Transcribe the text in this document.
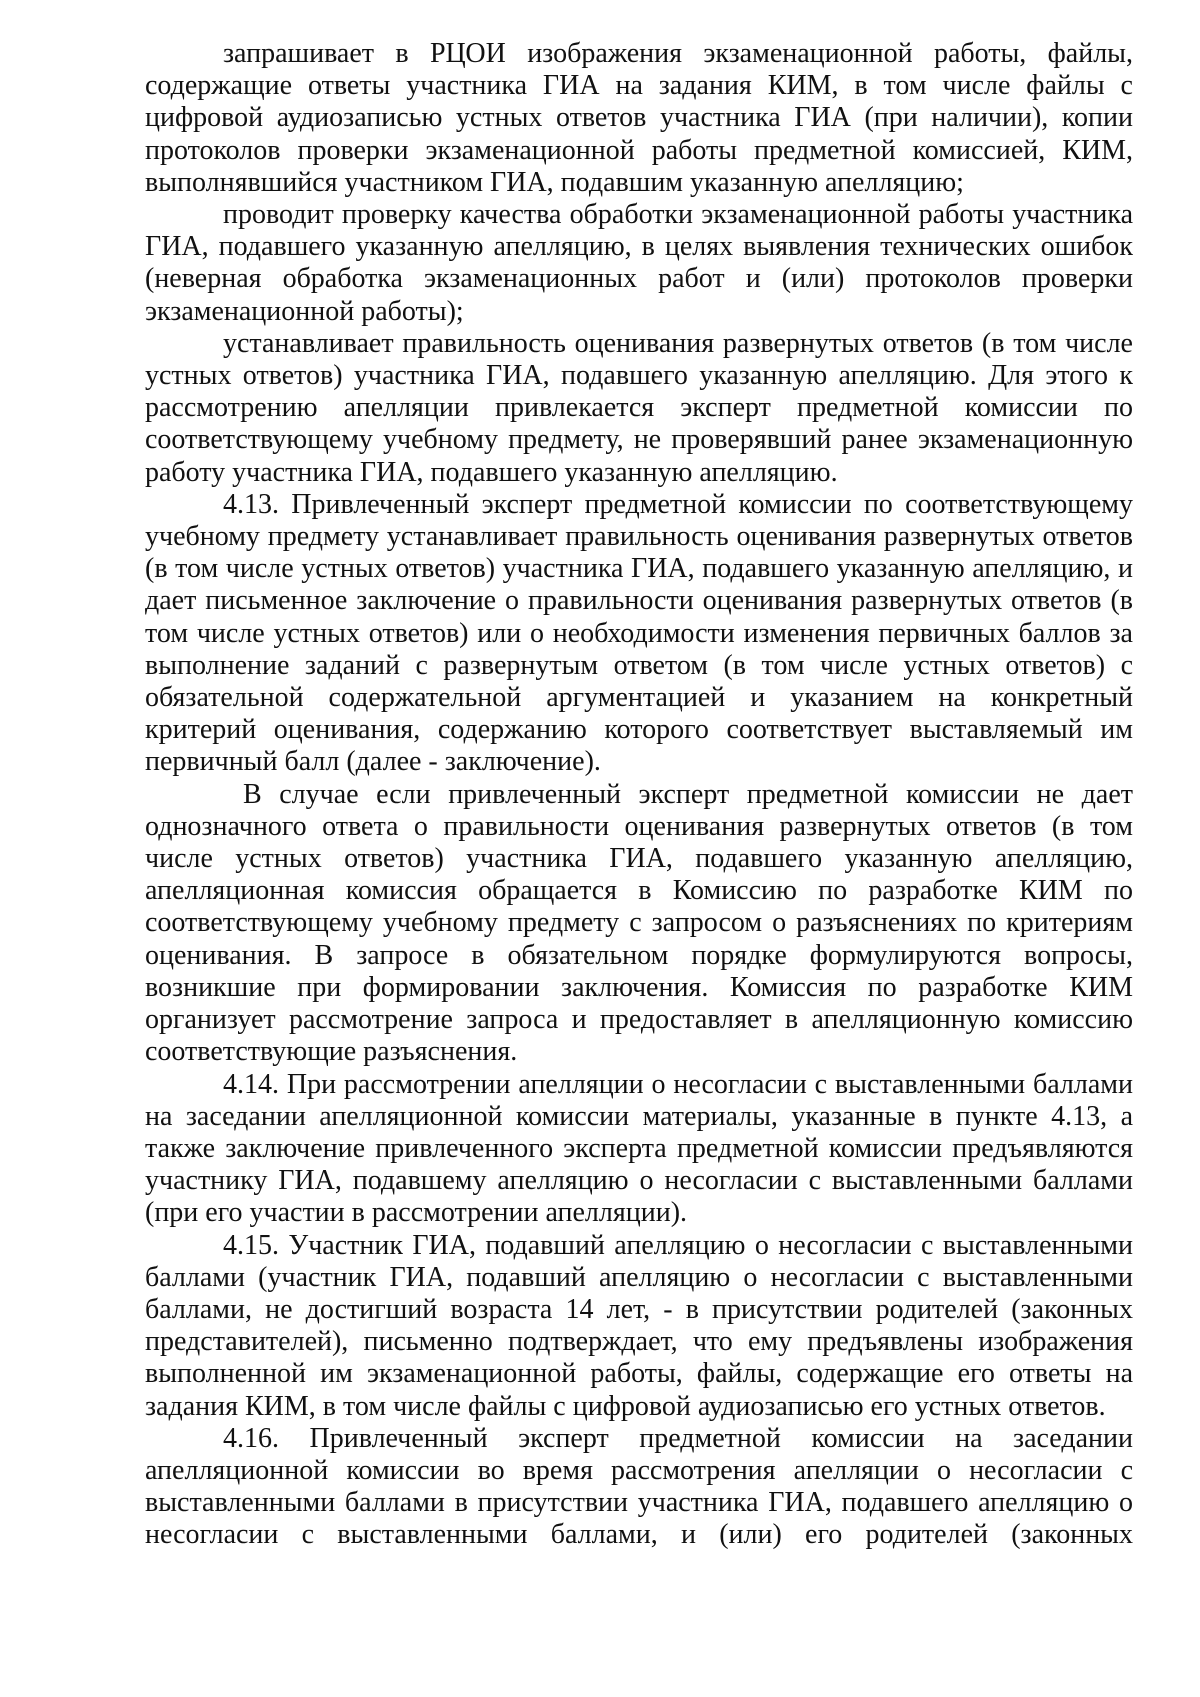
запрашивает в РЦОИ изображения экзаменационной работы, файлы, содержащие ответы участника ГИА на задания КИМ, в том числе файлы с цифровой аудиозаписью устных ответов участника ГИА (при наличии), копии протоколов проверки экзаменационной работы предметной комиссией, КИМ, выполнявшийся участником ГИА, подавшим указанную апелляцию;

проводит проверку качества обработки экзаменационной работы участника ГИА, подавшего указанную апелляцию, в целях выявления технических ошибок (неверная обработка экзаменационных работ и (или) протоколов проверки экзаменационной работы);

устанавливает правильность оценивания развернутых ответов (в том числе устных ответов) участника ГИА, подавшего указанную апелляцию. Для этого к рассмотрению апелляции привлекается эксперт предметной комиссии по соответствующему учебному предмету, не проверявший ранее экзаменационную работу участника ГИА, подавшего указанную апелляцию.

4.13. Привлеченный эксперт предметной комиссии по соответствующему учебному предмету устанавливает правильность оценивания развернутых ответов (в том числе устных ответов) участника ГИА, подавшего указанную апелляцию, и дает письменное заключение о правильности оценивания развернутых ответов (в том числе устных ответов) или о необходимости изменения первичных баллов за выполнение заданий с развернутым ответом (в том числе устных ответов) с обязательной содержательной аргументацией и указанием на конкретный критерий оценивания, содержанию которого соответствует выставляемый им первичный балл (далее - заключение).

В случае если привлеченный эксперт предметной комиссии не дает однозначного ответа о правильности оценивания развернутых ответов (в том числе устных ответов) участника ГИА, подавшего указанную апелляцию, апелляционная комиссия обращается в Комиссию по разработке КИМ по соответствующему учебному предмету с запросом о разъяснениях по критериям оценивания. В запросе в обязательном порядке формулируются вопросы, возникшие при формировании заключения. Комиссия по разработке КИМ организует рассмотрение запроса и предоставляет в апелляционную комиссию соответствующие разъяснения.

4.14. При рассмотрении апелляции о несогласии с выставленными баллами на заседании апелляционной комиссии материалы, указанные в пункте 4.13, а также заключение привлеченного эксперта предметной комиссии предъявляются участнику ГИА, подавшему апелляцию о несогласии с выставленными баллами (при его участии в рассмотрении апелляции).

4.15. Участник ГИА, подавший апелляцию о несогласии с выставленными баллами (участник ГИА, подавший апелляцию о несогласии с выставленными баллами, не достигший возраста 14 лет, - в присутствии родителей (законных представителей), письменно подтверждает, что ему предъявлены изображения выполненной им экзаменационной работы, файлы, содержащие его ответы на задания КИМ, в том числе файлы с цифровой аудиозаписью его устных ответов.

4.16. Привлеченный эксперт предметной комиссии на заседании апелляционной комиссии во время рассмотрения апелляции о несогласии с выставленными баллами в присутствии участника ГИА, подавшего апелляцию о несогласии с выставленными баллами, и (или) его родителей (законных
